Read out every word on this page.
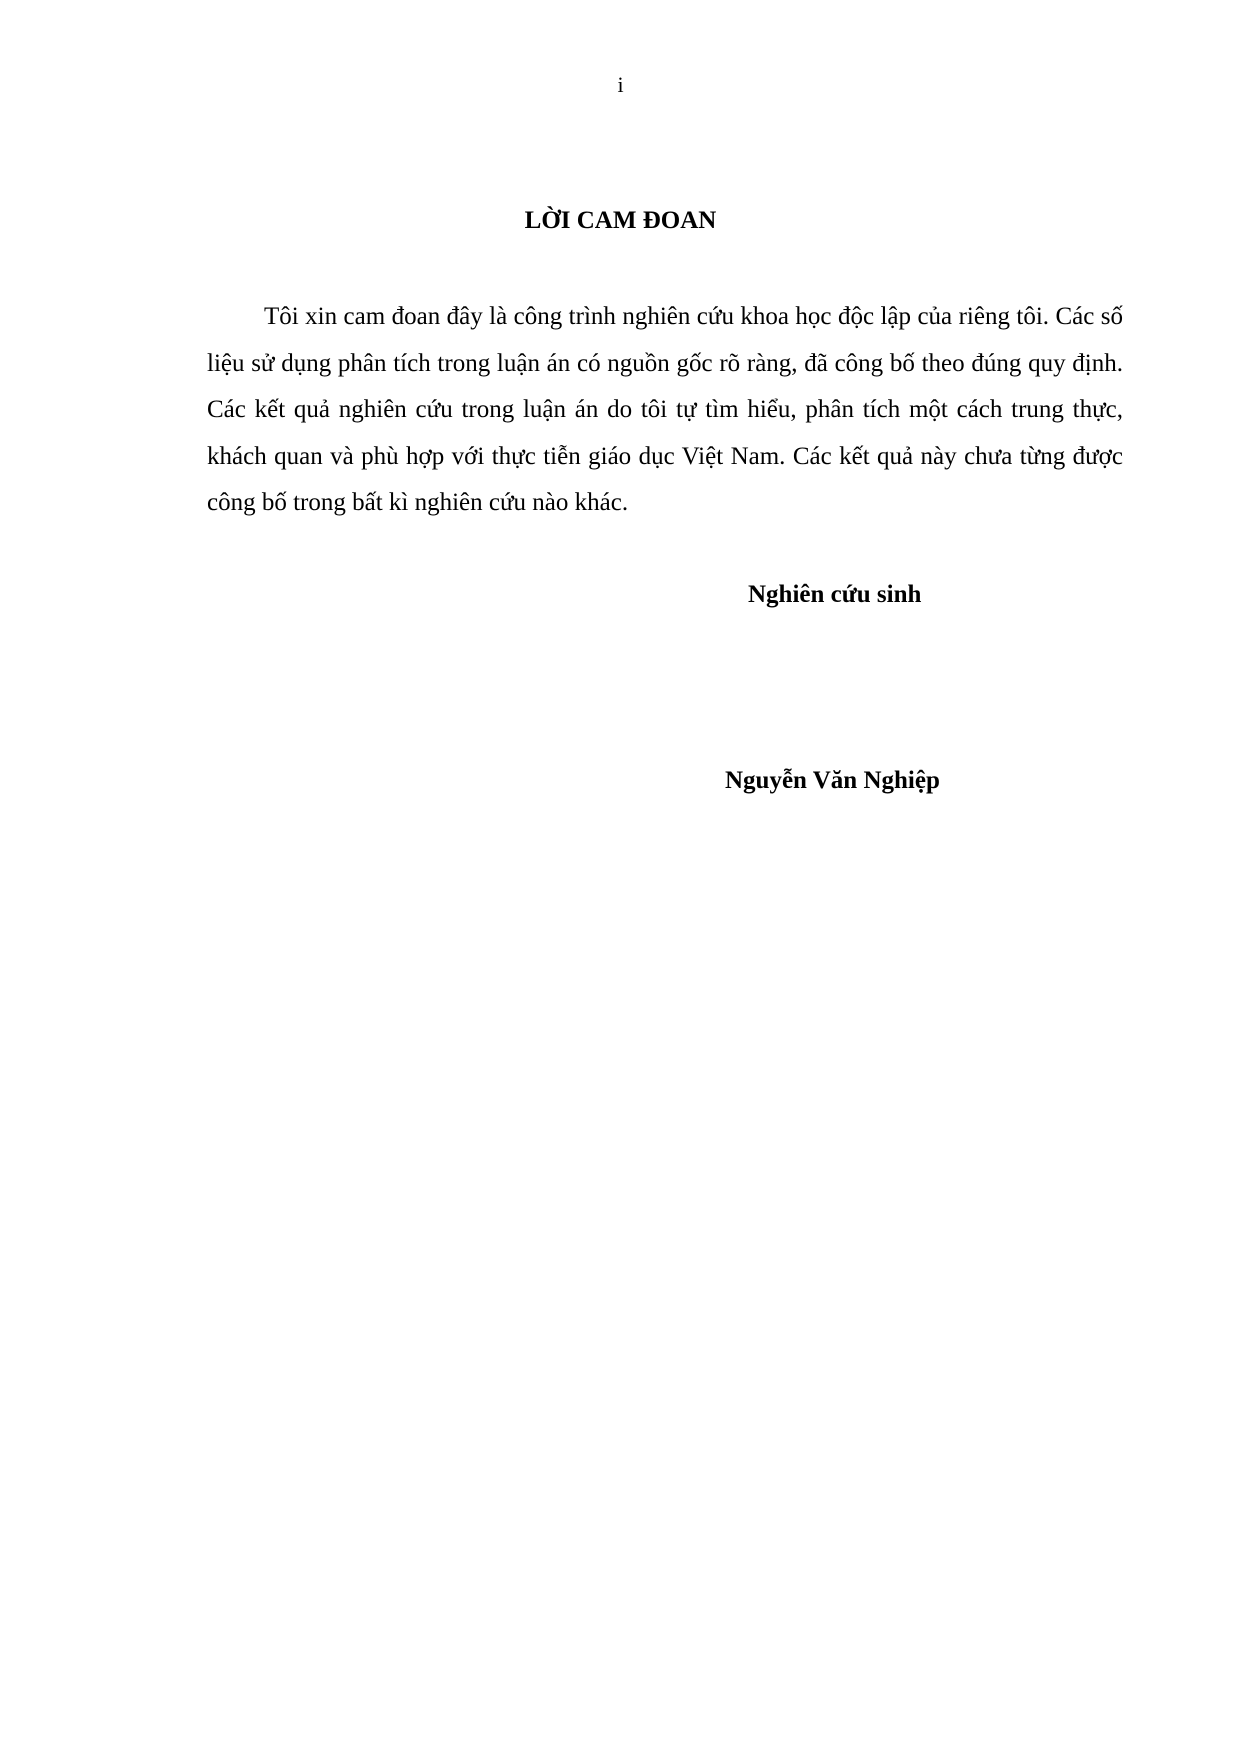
i
LỜI CAM ĐOAN

Tôi xin cam đoan đây là công trình nghiên cứu khoa học độc lập của riêng tôi. Các số liệu sử dụng phân tích trong luận án có nguồn gốc rõ ràng, đã công bố theo đúng quy định. Các kết quả nghiên cứu trong luận án do tôi tự tìm hiểu, phân tích một cách trung thực, khách quan và phù hợp với thực tiễn giáo dục Việt Nam. Các kết quả này chưa từng được công bố trong bất kì nghiên cứu nào khác.

Nghiên cứu sinh
Nguyễn Văn Nghiệp
